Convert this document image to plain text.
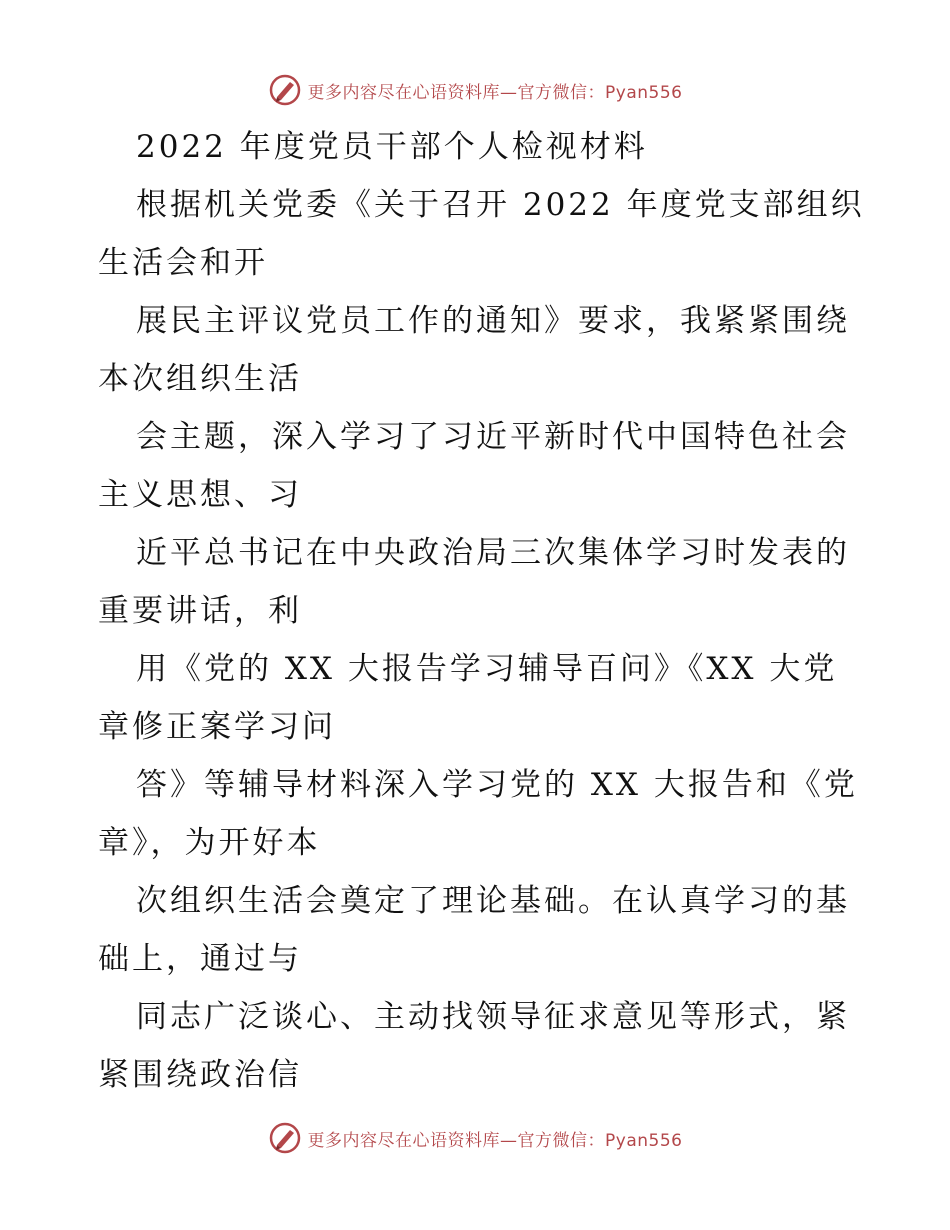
更多内容尽在心语资料库—官方微信：Pyan556
2022 年度党员干部个人检视材料
根据机关党委《关于召开 2022 年度党支部组织
生活会和开
展民主评议党员工作的通知》要求，我紧紧围绕
本次组织生活
会主题，深入学习了习近平新时代中国特色社会
主义思想、习
近平总书记在中央政治局三次集体学习时发表的
重要讲话，利
用《党的 XX 大报告学习辅导百问》《XX 大党
章修正案学习问
答》等辅导材料深入学习党的 XX 大报告和《党
章》，为开好本
次组织生活会奠定了理论基础。在认真学习的基
础上，通过与
同志广泛谈心、主动找领导征求意见等形式，紧
紧围绕政治信
更多内容尽在心语资料库—官方微信：Pyan556
